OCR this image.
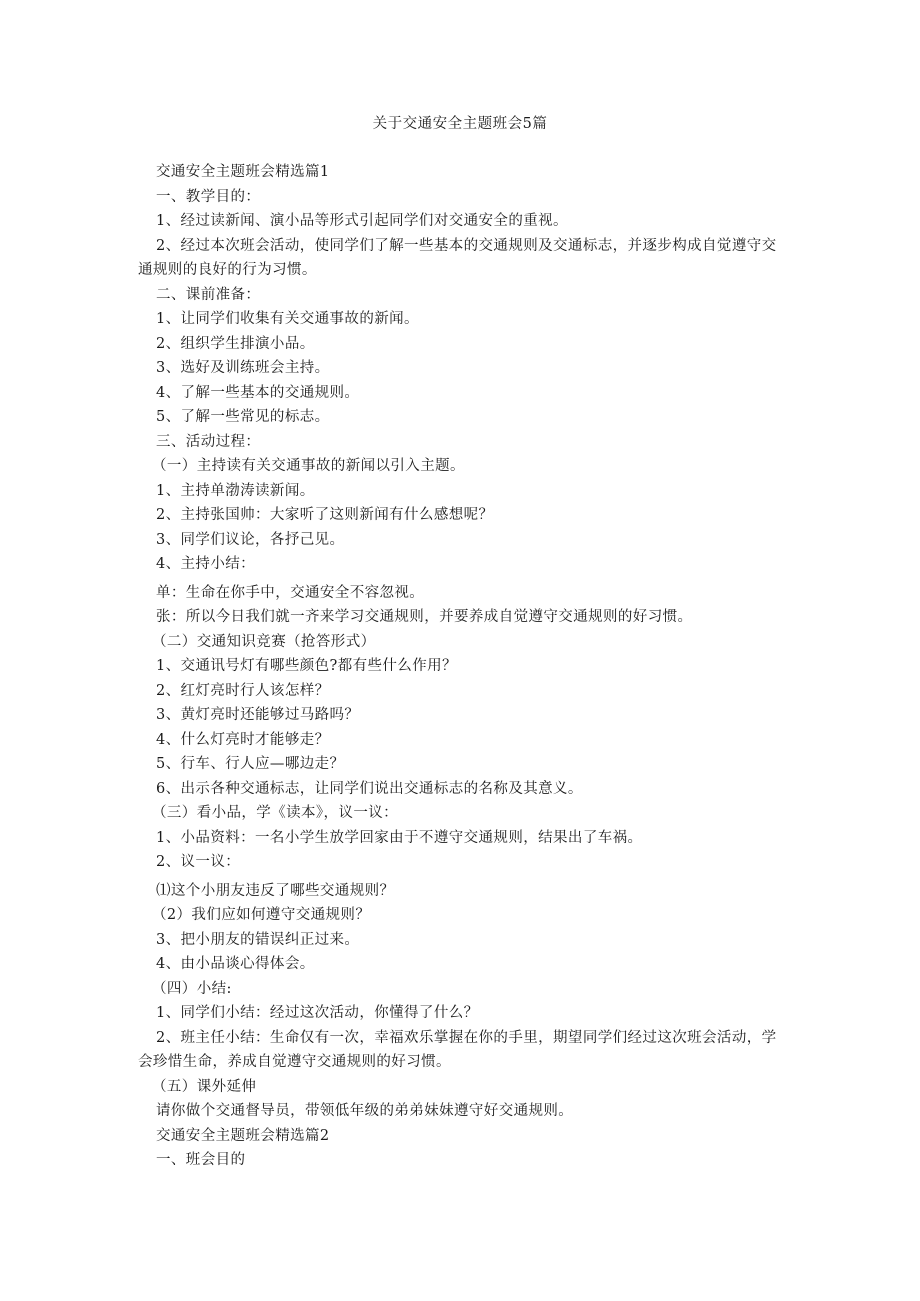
关于交通安全主题班会5篇
交通安全主题班会精选篇1
一、教学目的：
1、经过读新闻、演小品等形式引起同学们对交通安全的重视。
2、经过本次班会活动，使同学们了解一些基本的交通规则及交通标志，并逐步构成自觉遵守交通规则的良好的行为习惯。
二、课前准备：
1、让同学们收集有关交通事故的新闻。
2、组织学生排演小品。
3、选好及训练班会主持。
4、了解一些基本的交通规则。
5、了解一些常见的标志。
三、活动过程：
（一）主持读有关交通事故的新闻以引入主题。
1、主持单渤涛读新闻。
2、主持张国帅：大家听了这则新闻有什么感想呢？
3、同学们议论，各抒己见。
4、主持小结：
单：生命在你手中，交通安全不容忽视。
张：所以今日我们就一齐来学习交通规则，并要养成自觉遵守交通规则的好习惯。
（二）交通知识竞赛（抢答形式）
1、交通讯号灯有哪些颜色?都有些什么作用？
2、红灯亮时行人该怎样？
3、黄灯亮时还能够过马路吗？
4、什么灯亮时才能够走？
5、行车、行人应—哪边走？
6、出示各种交通标志，让同学们说出交通标志的名称及其意义。
（三）看小品，学《读本》，议一议：
1、小品资料：一名小学生放学回家由于不遵守交通规则，结果出了车祸。
2、议一议：
⑴这个小朋友违反了哪些交通规则？
（2）我们应如何遵守交通规则？
3、把小朋友的错误纠正过来。
4、由小品谈心得体会。
（四）小结:
1、同学们小结：经过这次活动，你懂得了什么？
2、班主任小结：生命仅有一次，幸福欢乐掌握在你的手里，期望同学们经过这次班会活动，学会珍惜生命，养成自觉遵守交通规则的好习惯。
（五）课外延伸
请你做个交通督导员，带领低年级的弟弟妹妹遵守好交通规则。
交通安全主题班会精选篇2
一、班会目的
